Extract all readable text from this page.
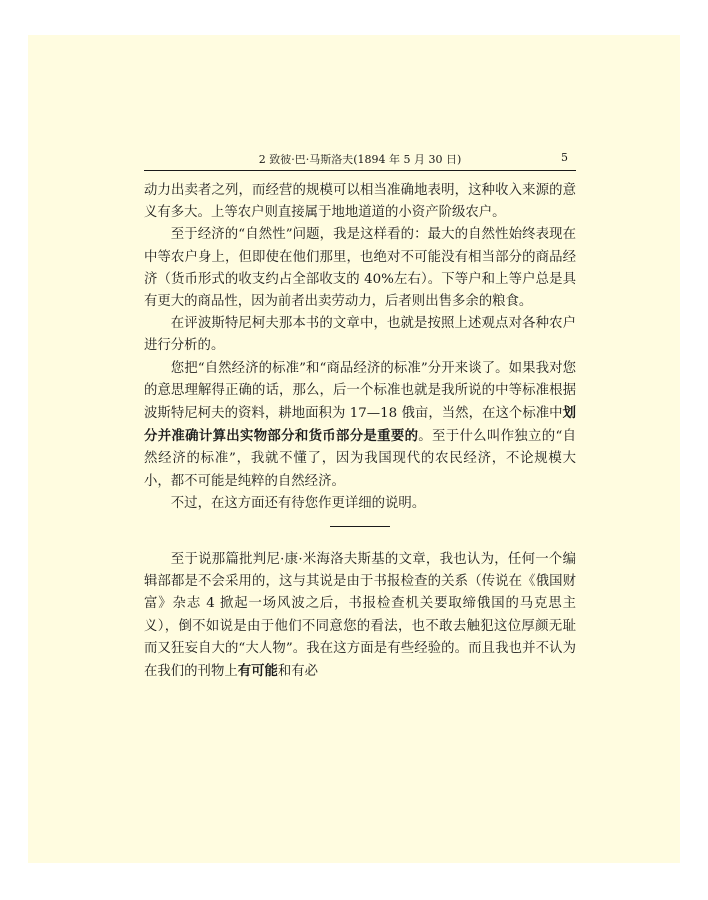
2 致彼·巴·马斯洛夫(1894 年 5 月 30 日)	5

动力出卖者之列，而经营的规模可以相当准确地表明，这种收入来源的意义有多大。上等农户则直接属于地地道道的小资产阶级农户。

至于经济的“自然性”问题，我是这样看的：最大的自然性始终表现在中等农户身上，但即使在他们那里，也绝对不可能没有相当部分的商品经济（货币形式的收支约占全部收支的 40%左右）。下等户和上等户总是具有更大的商品性，因为前者出卖劳动力，后者则出售多余的粮食。

在评波斯特尼柯夫那本书的文章中，也就是按照上述观点对各种农户进行分析的。

您把“自然经济的标准”和“商品经济的标准”分开来谈了。如果我对您的意思理解得正确的话，那么，后一个标准也就是我所说的中等标准根据波斯特尼柯夫的资料，耕地面积为 17—18 俄亩，当然，在这个标准中划分并准确计算出实物部分和货币部分是重要的。至于什么叫作独立的“自然经济的标准”，我就不懂了，因为我国现代的农民经济，不论规模大小，都不可能是纯粹的自然经济。

不过，在这方面还有待您作更详细的说明。

至于说那篇批判尼·康·米海洛夫斯基的文章，我也认为，任何一个编辑部都是不会采用的，这与其说是由于书报检查的关系（传说在《俄国财富》杂志 4 掀起一场风波之后，书报检查机关要取缔俄国的马克思主义），倒不如说是由于他们不同意您的看法，也不敢去触犯这位厚颜无耻而又狂妄自大的“大人物”。我在这方面是有些经验的。而且我也并不认为在我们的刊物上有可能和有必
